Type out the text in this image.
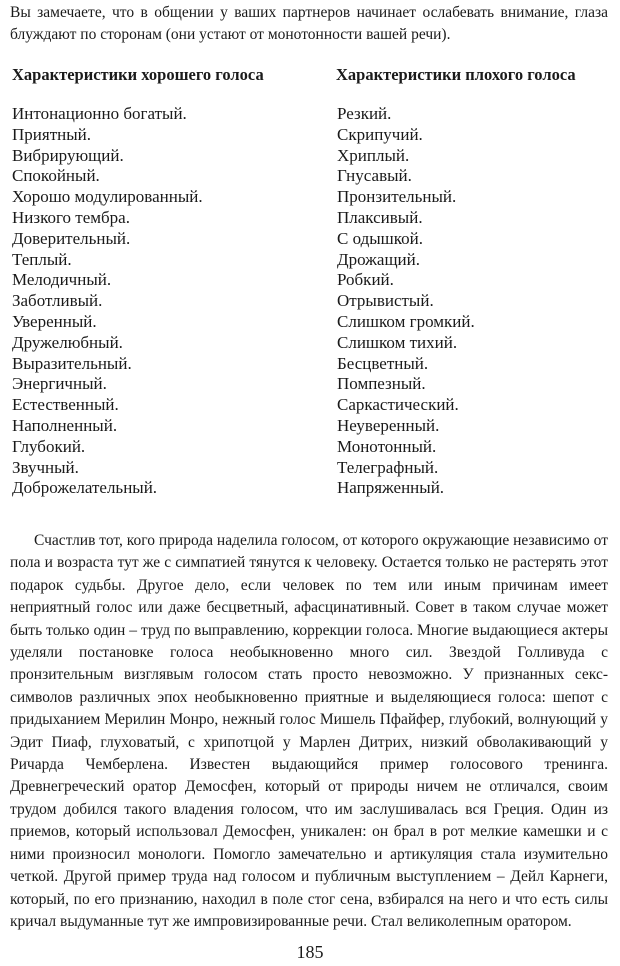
Вы замечаете, что в общении у ваших партнеров начинает ослабевать внимание, глаза блуждают по сторонам (они устают от монотонности вашей речи).

Характеристики хорошего голоса	Характеристики плохого голоса
Интонационно богатый.
Приятный.
Вибрирующий.
Спокойный.
Хорошо модулированный.
Низкого тембра.
Доверительный.
Теплый.
Мелодичный.
Заботливый.
Уверенный.
Дружелюбный.
Выразительный.
Энергичный.
Естественный.
Наполненный.
Глубокий.
Звучный.
Доброжелательный.
Резкий.
Скрипучий.
Хриплый.
Гнусавый.
Пронзительный.
Плаксивый.
С одышкой.
Дрожащий.
Робкий.
Отрывистый.
Слишком громкий.
Слишком тихий.
Бесцветный.
Помпезный.
Саркастический.
Неуверенный.
Монотонный.
Телеграфный.
Напряженный.

Счастлив тот, кого природа наделила голосом, от которого окружающие независимо от пола и возраста тут же с симпатией тянутся к человеку. Остается только не растерять этот подарок судьбы. Другое дело, если человек по тем или иным причинам имеет неприятный голос или даже бесцветный, афасцинативный. Совет в таком случае может быть только один – труд по выправлению, коррекции голоса. Многие выдающиеся актеры уделяли постановке голоса необыкновенно много сил. Звездой Голливуда с пронзительным визглявым голосом стать просто невозможно. У признанных секс-символов различных эпох необыкновенно приятные и выделяющиеся голоса: шепот с придыханием Мерилин Монро, нежный голос Мишель Пфайфер, глубокий, волнующий у Эдит Пиаф, глуховатый, с хрипотцой у Марлен Дитрих, низкий обволакивающий у Ричарда Чемберлена. Известен выдающийся пример голосового тренинга. Древнегреческий оратор Демосфен, который от природы ничем не отличался, своим трудом добился такого владения голосом, что им заслушивалась вся Греция. Один из приемов, который использовал Демосфен, уникален: он брал в рот мелкие камешки и с ними произносил монологи. Помогло замечательно и артикуляция стала изумительно четкой. Другой пример труда над голосом и публичным выступлением – Дейл Карнеги, который, по его признанию, находил в поле стог сена, взбирался на него и что есть силы кричал выдуманные тут же импровизированные речи. Стал великолепным оратором.

185
